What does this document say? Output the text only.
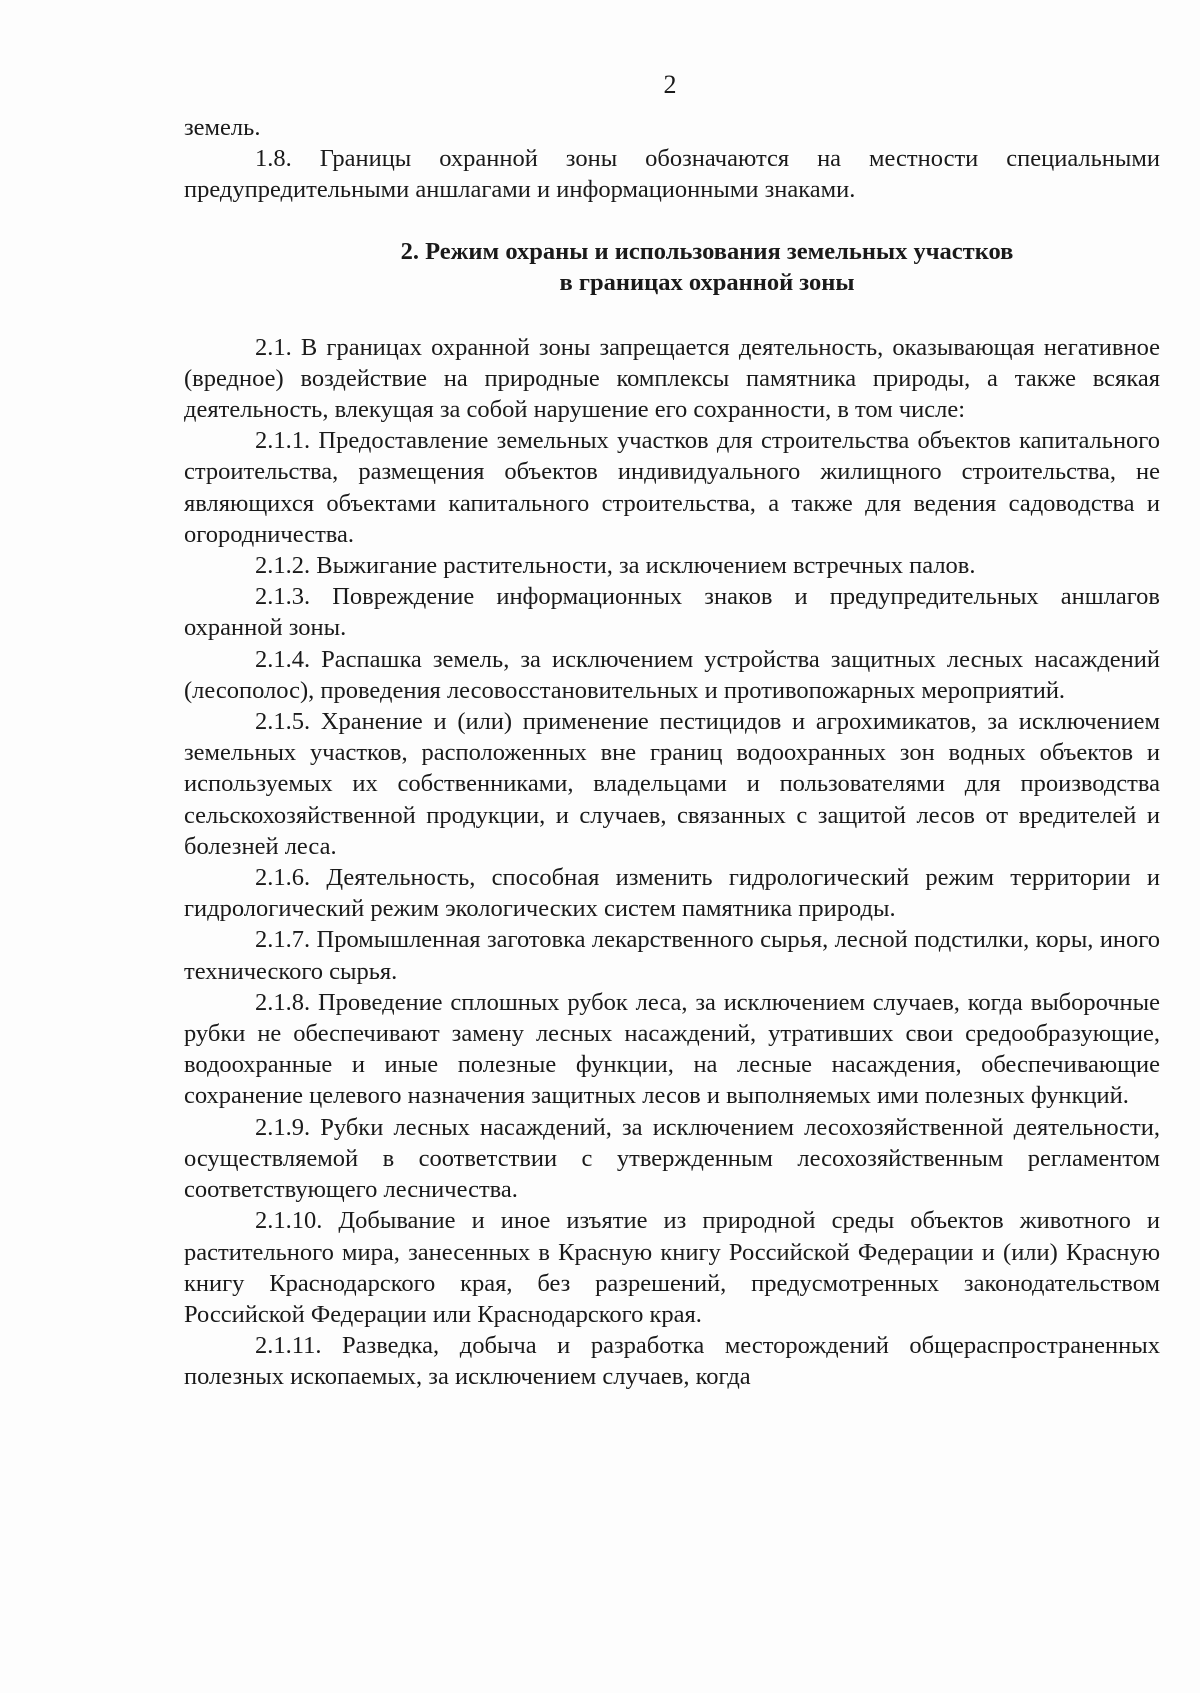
2

земель.

1.8. Границы охранной зоны обозначаются на местности специальными предупредительными аншлагами и информационными знаками.

2. Режим охраны и использования земельных участков
в границах охранной зоны

2.1. В границах охранной зоны запрещается деятельность, оказывающая негативное (вредное) воздействие на природные комплексы памятника природы, а также всякая деятельность, влекущая за собой нарушение его сохранности, в том числе:

2.1.1. Предоставление земельных участков для строительства объектов капитального строительства, размещения объектов индивидуального жилищного строительства, не являющихся объектами капитального строительства, а также для ведения садоводства и огородничества.

2.1.2. Выжигание растительности, за исключением встречных палов.

2.1.3. Повреждение информационных знаков и предупредительных аншлагов охранной зоны.

2.1.4. Распашка земель, за исключением устройства защитных лесных насаждений (лесополос), проведения лесовосстановительных и противопожарных мероприятий.

2.1.5. Хранение и (или) применение пестицидов и агрохимикатов, за исключением земельных участков, расположенных вне границ водоохранных зон водных объектов и используемых их собственниками, владельцами и пользователями для производства сельскохозяйственной продукции, и случаев, связанных с защитой лесов от вредителей и болезней леса.

2.1.6. Деятельность, способная изменить гидрологический режим территории и гидрологический режим экологических систем памятника природы.

2.1.7. Промышленная заготовка лекарственного сырья, лесной подстилки, коры, иного технического сырья.

2.1.8. Проведение сплошных рубок леса, за исключением случаев, когда выборочные рубки не обеспечивают замену лесных насаждений, утративших свои средообразующие, водоохранные и иные полезные функции, на лесные насаждения, обеспечивающие сохранение целевого назначения защитных лесов и выполняемых ими полезных функций.

2.1.9. Рубки лесных насаждений, за исключением лесохозяйственной деятельности, осуществляемой в соответствии с утвержденным лесохозяйственным регламентом соответствующего лесничества.

2.1.10. Добывание и иное изъятие из природной среды объектов животного и растительного мира, занесенных в Красную книгу Российской Федерации и (или) Красную книгу Краснодарского края, без разрешений, предусмотренных законодательством Российской Федерации или Краснодарского края.

2.1.11. Разведка, добыча и разработка месторождений общераспространенных полезных ископаемых, за исключением случаев, когда
